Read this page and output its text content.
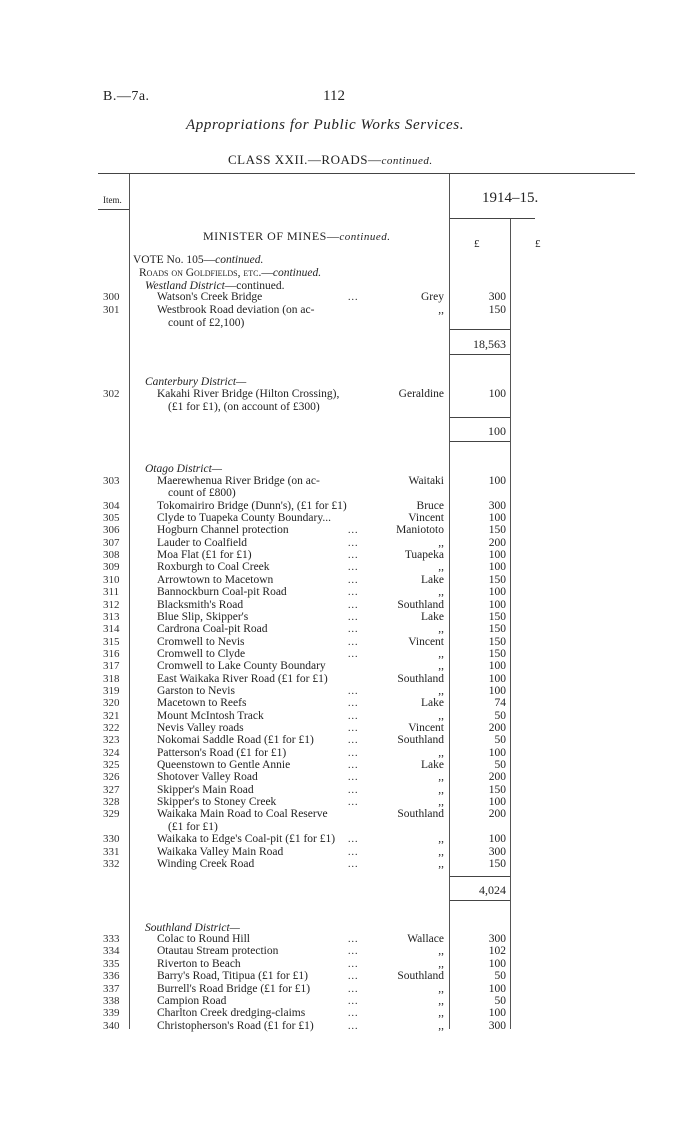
B.—7a.	112
Appropriations for Public Works Services.
CLASS XXII.—ROADS—continued.
Item.	1914–15.
£	£
MINISTER OF MINES—continued.
VOTE No. 105—continued.
Roads on Goldfields, etc.—continued.
Westland District—continued.
300	Watson's Creek Bridge	...	Grey	300
301	Westbrook Road deviation (on ac-	,,	150
count of £2,100)
18,563
Canterbury District—
302	Kakahi River Bridge (Hilton Crossing),	Geraldine	100
(£1 for £1), (on account of £300)
100
Otago District—
303	Maerewhenua River Bridge (on ac-	Waitaki	100
count of £800)
304	Tokomairiro Bridge (Dunn's), (£1 for £1)	Bruce	300
305	Clyde to Tuapeka County Boundary...	Vincent	100
306	Hogburn Channel protection	...	Maniototo	150
307	Lauder to Coalfield	...	,,	200
308	Moa Flat (£1 for £1)	...	Tuapeka	100
309	Roxburgh to Coal Creek	...	,,	100
310	Arrowtown to Macetown	...	Lake	150
311	Bannockburn Coal-pit Road	...	,,	100
312	Blacksmith's Road	...	Southland	100
313	Blue Slip, Skipper's	...	Lake	150
314	Cardrona Coal-pit Road	...	,,	150
315	Cromwell to Nevis	...	Vincent	150
316	Cromwell to Clyde	...	,,	150
317	Cromwell to Lake County Boundary	,,	100
318	East Waikaka River Road (£1 for £1)	Southland	100
319	Garston to Nevis	...	,,	100
320	Macetown to Reefs	...	Lake	74
321	Mount McIntosh Track	...	,,	50
322	Nevis Valley roads	...	Vincent	200
323	Nokomai Saddle Road (£1 for £1)	...	Southland	50
324	Patterson's Road (£1 for £1)	...	,,	100
325	Queenstown to Gentle Annie	...	Lake	50
326	Shotover Valley Road	...	,,	200
327	Skipper's Main Road	...	,,	150
328	Skipper's to Stoney Creek	...	,,	100
329	Waikaka Main Road to Coal Reserve	Southland	200
(£1 for £1)
330	Waikaka to Edge's Coal-pit (£1 for £1) ...	,,	100
331	Waikaka Valley Main Road	...	,,	300
332	Winding Creek Road	...	,,	150
4,024
Southland District—
333	Colac to Round Hill	...	Wallace	300
334	Otautau Stream protection	...	,,	102
335	Riverton to Beach	...	,,	100
336	Barry's Road, Titipua (£1 for £1)	...	Southland	50
337	Burrell's Road Bridge (£1 for £1)	...	,,	100
338	Campion Road	...	,,	50
339	Charlton Creek dredging-claims	...	,,	100
340	Christopherson's Road (£1 for £1)	...	,,	300
